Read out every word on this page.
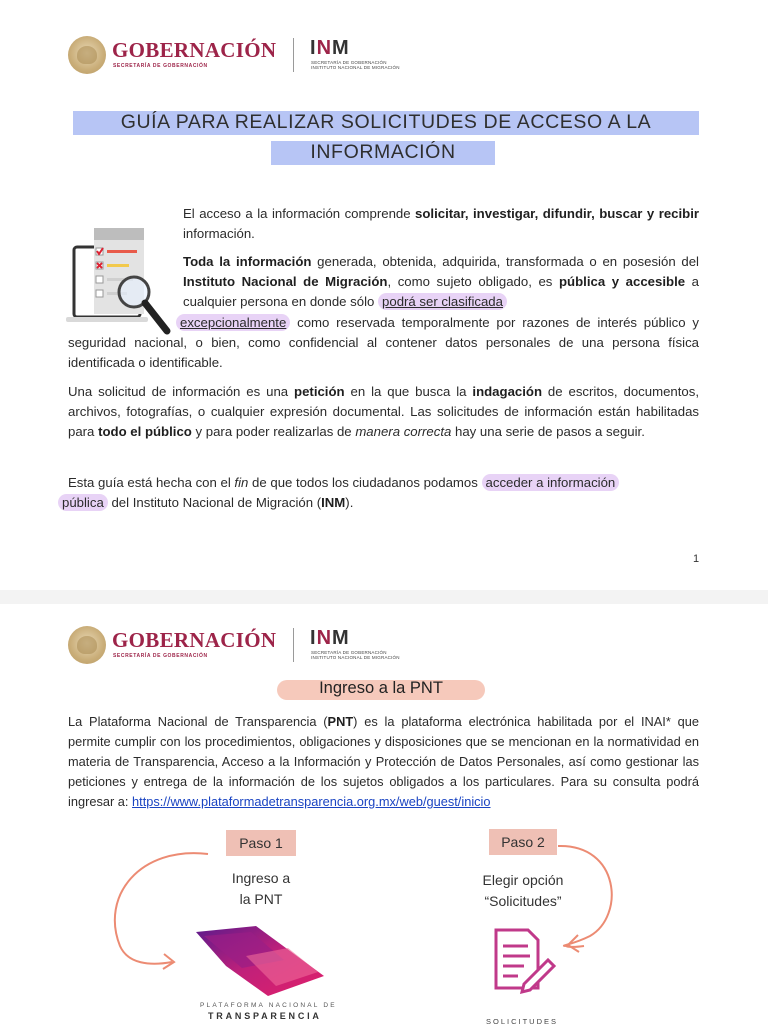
GOBERNACIÓN
SECRETARÍA DE GOBERNACIÓN
INM
SECRETARÍA DE GOBERNACIÓN
INSTITUTO NACIONAL DE MIGRACIÓN
GUÍA PARA REALIZAR SOLICITUDES DE ACCESO A LA
INFORMACIÓN

El acceso a la información comprende solicitar, investigar, difundir, buscar y recibir información.

Toda la información generada, obtenida, adquirida, transformada o en posesión del Instituto Nacional de Migración, como sujeto obligado, es pública y accesible a cualquier persona en donde sólo podrá ser clasificada

excepcionalmente como reservada temporalmente por razones de interés público y seguridad nacional, o bien, como confidencial al contener datos personales de una persona física identificada o identificable.

Una solicitud de información es una petición en la que busca la indagación de escritos, documentos, archivos, fotografías, o cualquier expresión documental. Las solicitudes de información están habilitadas para todo el público y para poder realizarlas de manera correcta hay una serie de pasos a seguir.

Esta guía está hecha con el fin de que todos los ciudadanos podamos acceder a información
pública del Instituto Nacional de Migración (INM).

1
GOBERNACIÓN
SECRETARÍA DE GOBERNACIÓN
INM
SECRETARÍA DE GOBERNACIÓN
INSTITUTO NACIONAL DE MIGRACIÓN
Ingreso a la PNT

La Plataforma Nacional de Transparencia (PNT) es la plataforma electrónica habilitada por el INAI* que permite cumplir con los procedimientos, obligaciones y disposiciones que se mencionan en la normatividad en materia de Transparencia, Acceso a la Información y Protección de Datos Personales, así como gestionar las peticiones y entrega de la información de los sujetos obligados a los particulares. Para su consulta podrá ingresar a: https://www.plataformadetransparencia.org.mx/web/guest/inicio

Paso 1
Ingreso a
la PNT
Paso 2
Elegir opción
“Solicitudes”
PLATAFORMA NACIONAL DE
TRANSPARENCIA
SOLICITUDES
